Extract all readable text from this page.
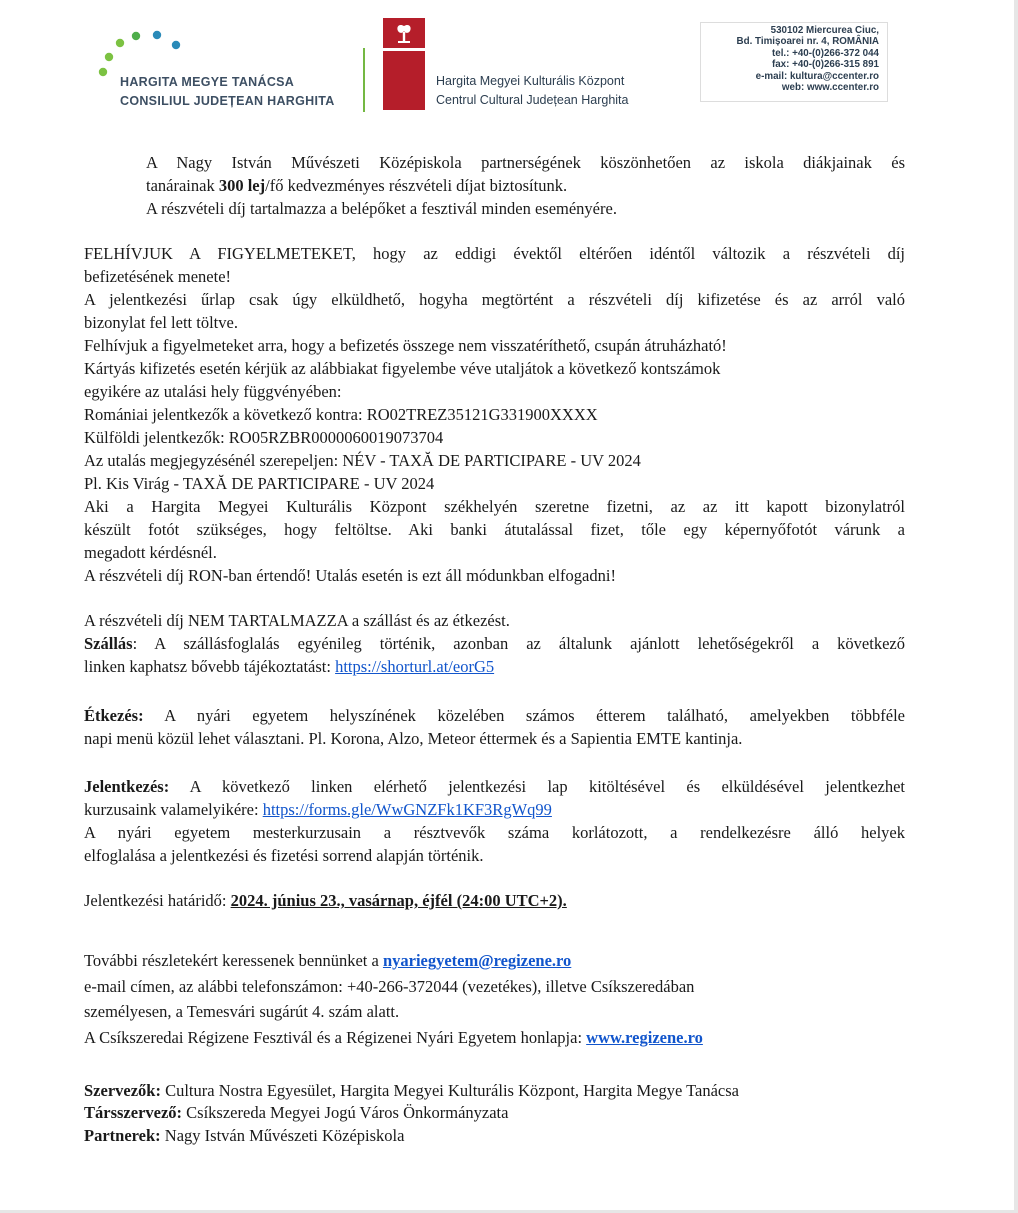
HARGITA MEGYE TANÁCSA
CONSILIUL JUDEȚEAN HARGHITA
Hargita Megyei Kulturális Központ
Centrul Cultural Județean Harghita
530102 Miercurea Ciuc,
Bd. Timișoarei nr. 4, ROMÂNIA
tel.: +40-(0)266-372 044
fax: +40-(0)266-315 891
e-mail: kultura@ccenter.ro
web: www.ccenter.ro
A Nagy István Művészeti Középiskola partnerségének köszönhetően az iskola diákjainak és
tanárainak 300 lej/fő kedvezményes részvételi díjat biztosítunk.
A részvételi díj tartalmazza a belépőket a fesztivál minden eseményére.
FELHÍVJUK A FIGYELMETEKET, hogy az eddigi évektől eltérően idéntől változik a részvételi díj
befizetésének menete!
A jelentkezési űrlap csak úgy elküldhető, hogyha megtörtént a részvételi díj kifizetése és az arról való
bizonylat fel lett töltve.
Felhívjuk a figyelmeteket arra, hogy a befizetés összege nem visszatéríthető, csupán átruházható!
Kártyás kifizetés esetén kérjük az alábbiakat figyelembe véve utaljátok a következő kontszámok
egyikére az utalási hely függvényében:
Romániai jelentkezők a következő kontra: RO02TREZ35121G331900XXXX
Külföldi jelentkezők: RO05RZBR0000060019073704
Az utalás megjegyzésénél szerepeljen: NÉV - TAXĂ DE PARTICIPARE - UV 2024
Pl. Kis Virág - TAXĂ DE PARTICIPARE - UV 2024
Aki a Hargita Megyei Kulturális Központ székhelyén szeretne fizetni, az az itt kapott bizonylatról
készült fotót szükséges, hogy feltöltse. Aki banki átutalással fizet, tőle egy képernyőfotót várunk a
megadott kérdésnél.
A részvételi díj RON-ban értendő! Utalás esetén is ezt áll módunkban elfogadni!
A részvételi díj NEM TARTALMAZZA a szállást és az étkezést.
Szállás: A szállásfoglalás egyénileg történik, azonban az általunk ajánlott lehetőségekről a következő
linken kaphatsz bővebb tájékoztatást: https://shorturl.at/eorG5
Étkezés: A nyári egyetem helyszínének közelében számos étterem található, amelyekben többféle
napi menü közül lehet választani. Pl. Korona, Alzo, Meteor éttermek és a Sapientia EMTE kantinja.
Jelentkezés: A következő linken elérhető jelentkezési lap kitöltésével és elküldésével jelentkezhet
kurzusaink valamelyikére: https://forms.gle/WwGNZFk1KF3RgWq99
A nyári egyetem mesterkurzusain a résztvevők száma korlátozott, a rendelkezésre álló helyek
elfoglalása a jelentkezési és fizetési sorrend alapján történik.
Jelentkezési határidő: 2024. június 23., vasárnap, éjfél (24:00 UTC+2).
További részletekért keressenek bennünket a nyariegyetem@regizene.ro
e-mail címen, az alábbi telefonszámon: +40-266-372044 (vezetékes), illetve Csíkszeredában
személyesen, a Temesvári sugárút 4. szám alatt.
A Csíkszeredai Régizene Fesztivál és a Régizenei Nyári Egyetem honlapja: www.regizene.ro
Szervezők: Cultura Nostra Egyesület, Hargita Megyei Kulturális Központ, Hargita Megye Tanácsa
Társszervező: Csíkszereda Megyei Jogú Város Önkormányzata
Partnerek: Nagy István Művészeti Középiskola
